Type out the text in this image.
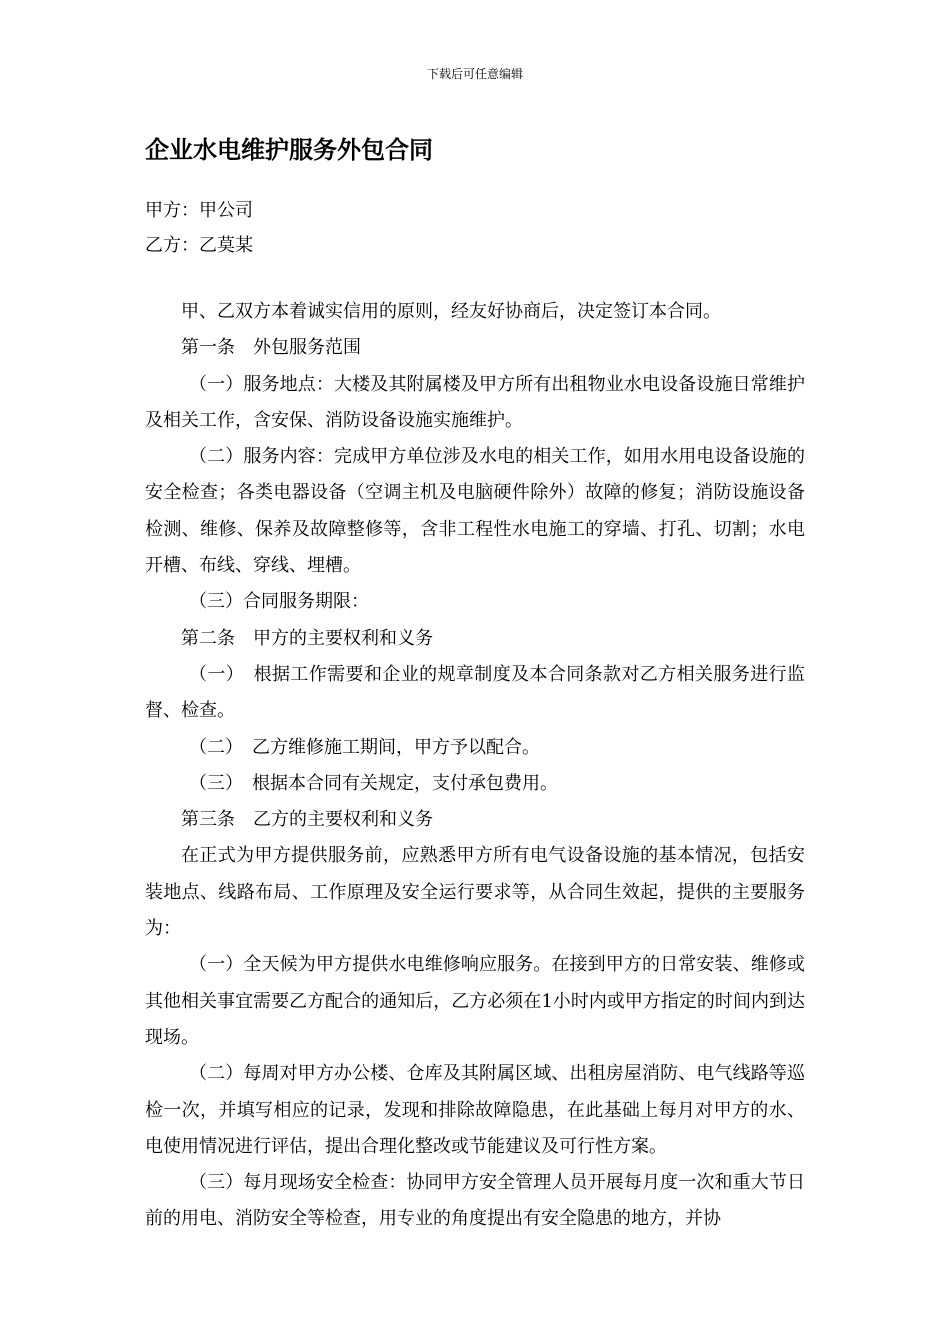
下载后可任意编辑
企业水电维护服务外包合同
甲方：甲公司
乙方：乙莫某

甲、乙双方本着诚实信用的原则，经友好协商后，决定签订本合同。

第一条　外包服务范围

（一）服务地点：大楼及其附属楼及甲方所有出租物业水电设备设施日常维护及相关工作，含安保、消防设备设施实施维护。

（二）服务内容：完成甲方单位涉及水电的相关工作，如用水用电设备设施的安全检查；各类电器设备（空调主机及电脑硬件除外）故障的修复；消防设施设备检测、维修、保养及故障整修等，含非工程性水电施工的穿墙、打孔、切割；水电开槽、布线、穿线、埋槽。

（三）合同服务期限：

第二条　甲方的主要权利和义务

（一）　根据工作需要和企业的规章制度及本合同条款对乙方相关服务进行监督、检查。

（二）　乙方维修施工期间，甲方予以配合。

（三）　根据本合同有关规定，支付承包费用。

第三条　乙方的主要权利和义务

在正式为甲方提供服务前，应熟悉甲方所有电气设备设施的基本情况，包括安装地点、线路布局、工作原理及安全运行要求等，从合同生效起，提供的主要服务为：

（一）全天候为甲方提供水电维修响应服务。在接到甲方的日常安装、维修或其他相关事宜需要乙方配合的通知后，乙方必须在1小时内或甲方指定的时间内到达现场。

（二）每周对甲方办公楼、仓库及其附属区域、出租房屋消防、电气线路等巡检一次，并填写相应的记录，发现和排除故障隐患，在此基础上每月对甲方的水、电使用情况进行评估，提出合理化整改或节能建议及可行性方案。

（三）每月现场安全检查：协同甲方安全管理人员开展每月度一次和重大节日前的用电、消防安全等检查，用专业的角度提出有安全隐患的地方，并协
